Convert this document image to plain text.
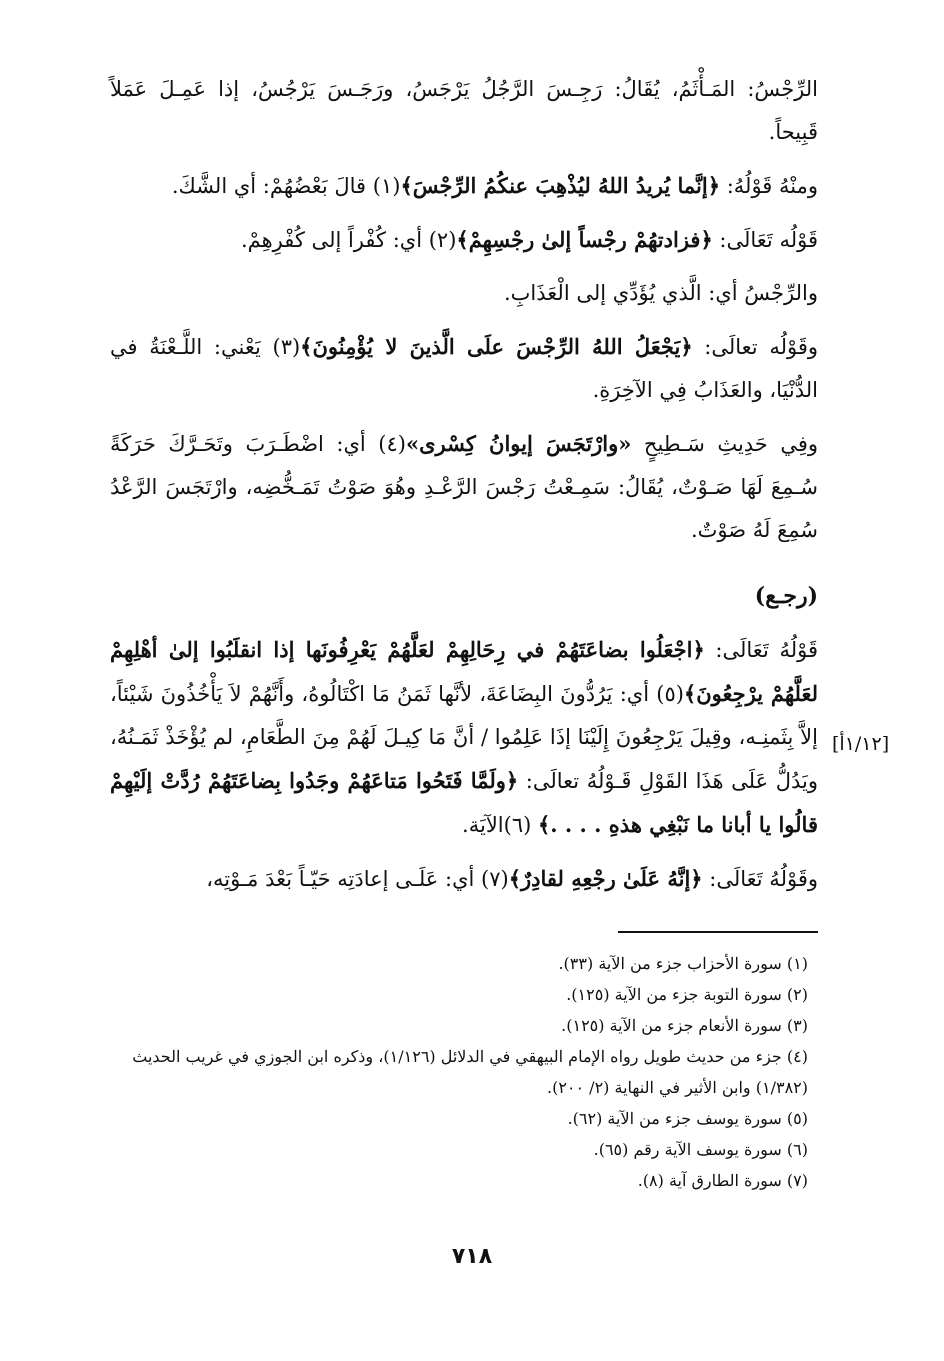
الرِّجْسُ: المَـأْثَمُ، يُقَالُ: رَجِـسَ الرَّجُلُ يَرْجَسُ، ورَجَـسَ يَرْجُسُ، إذا عَمِـلَ عَمَلاً قَبِيحاً.

ومنْهُ قَوْلُهُ: ﴿إنَّما يُريدُ اللهُ ليُذْهِبَ عنكُمُ الرِّجْسَ﴾(١) قالَ بَعْضُهُمْ: أي الشَّكَ.

قَوْلُه تَعَالَى: ﴿فزادتهُمْ رجْساً إلىٰ رجْسِهِمْ﴾(٢) أي: كُفْراً إلى كُفْرِهِمْ.

والرِّجْسُ أي: الَّذي يُؤَدِّي إلى الْعَذَابِ.

وقَوْلُه تعالَى: ﴿يَجْعَلُ اللهُ الرِّجْسَ علَى الَّذينَ لا يُؤْمِنُونَ﴾(٣) يَعْني: اللَّـعْنَةُ في الدُّنْيَا، والعَذَابُ فِي الآخِرَةِ.

وفِي حَدِيثِ سَـطِيحٍ «وارْتَجَسَ إيوانُ كِسْرى»(٤) أي: اضْطَـرَبَ وتَحَـرَّكَ حَرَكَةً سُـمِعَ لَهَا صَـوْتٌ، يُقَالُ: سَمِـعْتُ رَجْسَ الرَّعْـدِ وهُوَ صَوْتُ تَمَـخُّضِه، وارْتَجَسَ الرَّعْدُ سُمِعَ لَهُ صَوْتٌ.

(رجـع)

قَوْلُهُ تَعَالَى: ﴿اجْعَلُوا بضاعَتَهُمْ في رِحَالِهِمْ لعَلَّهُمْ يَعْرِفُونَها إذا انقلَبُوا إلىٰ أهْلِهِمْ لعَلَّهُمْ يرْجِعُونَ﴾(٥) أي: يَرُدُّونَ البِضَاعَةَ، لأنَّها ثَمَنُ مَا اكْتَالُوهُ، وأَنَّهُمْ لاَ يَأْخُذُونَ شَيْئاً، إلاَّ بِثَمنِـه، وقِيلَ يَرْجِعُونَ إِلَيْنَا إذَا عَلِمُوا / أنَّ مَا كِيـلَ لَهُمْ مِنَ الطَّعَامِ، لم يُؤْخَذْ ثَمَـنُهُ، ويَدُلُّ عَلَى هَذَا القَوْلِ قَـوْلُهُ تعالَى: ﴿ولَمَّا فَتَحُوا مَتاعَهُمْ وجَدُوا بِضاعَتَهُمْ رُدَّتْ إلَيْهِمْ قالُوا يا أبانا ما نَبْغِي هذهِ . . . .﴾ (٦)الآيَة.

وقَوْلُهُ تَعَالَى: ﴿إنَّهُ عَلَىٰ رجْعِهِ لقادِرٌ﴾(٧) أي: عَلَـى إعادَتِه حَيّـاً بَعْدَ مَـوْتِه،

[١/١٢أ]

(١) سورة الأحزاب جزء من الآية (٣٣).

(٢) سورة التوبة جزء من الآية (١٢٥).

(٣) سورة الأنعام جزء من الآية (١٢٥).

(٤) جزء من حديث طويل رواه الإمام البيهقي في الدلائل (١/١٢٦)، وذكره ابن الجوزي في غريب الحديث (١/٣٨٢) وابن الأثير في النهاية (٢/ ٢٠٠).

(٥) سورة يوسف جزء من الآية (٦٢).

(٦) سورة يوسف الآية رقم (٦٥).

(٧) سورة الطارق آية (٨).

٧١٨
